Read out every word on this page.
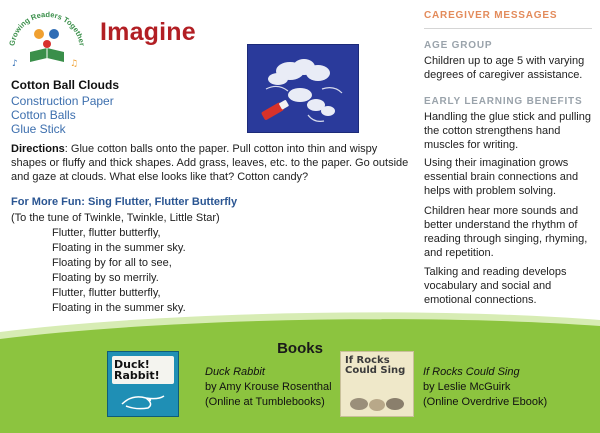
Growing Readers Together
♪	♫
Imagine
Cotton Ball Clouds
Construction Paper
Cotton Balls
Glue Stick
Directions: Glue cotton balls onto the paper. Pull cotton into thin and wispy shapes or fluffy and thick shapes. Add grass, leaves, etc. to the paper. Go outside and gaze at clouds. What else looks like that? Cotton candy?
For More Fun: Sing Flutter, Flutter Butterfly
(To the tune of Twinkle, Twinkle, Little Star)
Flutter, flutter butterfly,
Floating in the summer sky.
Floating by for all to see,
Floating by so merrily.
Flutter, flutter butterfly,
Floating in the summer sky.
CAREGIVER MESSAGES
AGE GROUP
Children up to age 5 with varying degrees of caregiver assistance.
EARLY LEARNING BENEFITS
Handling the glue stick and pulling the cotton strengthens hand muscles for writing.
Using their imagination grows essential brain connections and helps with problem solving.
Children hear more sounds and better understand the rhythm of reading through singing, rhyming, and repetition.
Talking and reading develops vocabulary and social and emotional connections.
Books
Duck! Rabbit!	Duck Rabbit
by Amy Krouse Rosenthal
(Online at Tumblebooks)
If Rocks Could Sing	If Rocks Could Sing
by Leslie McGuirk
(Online Overdrive Ebook)
